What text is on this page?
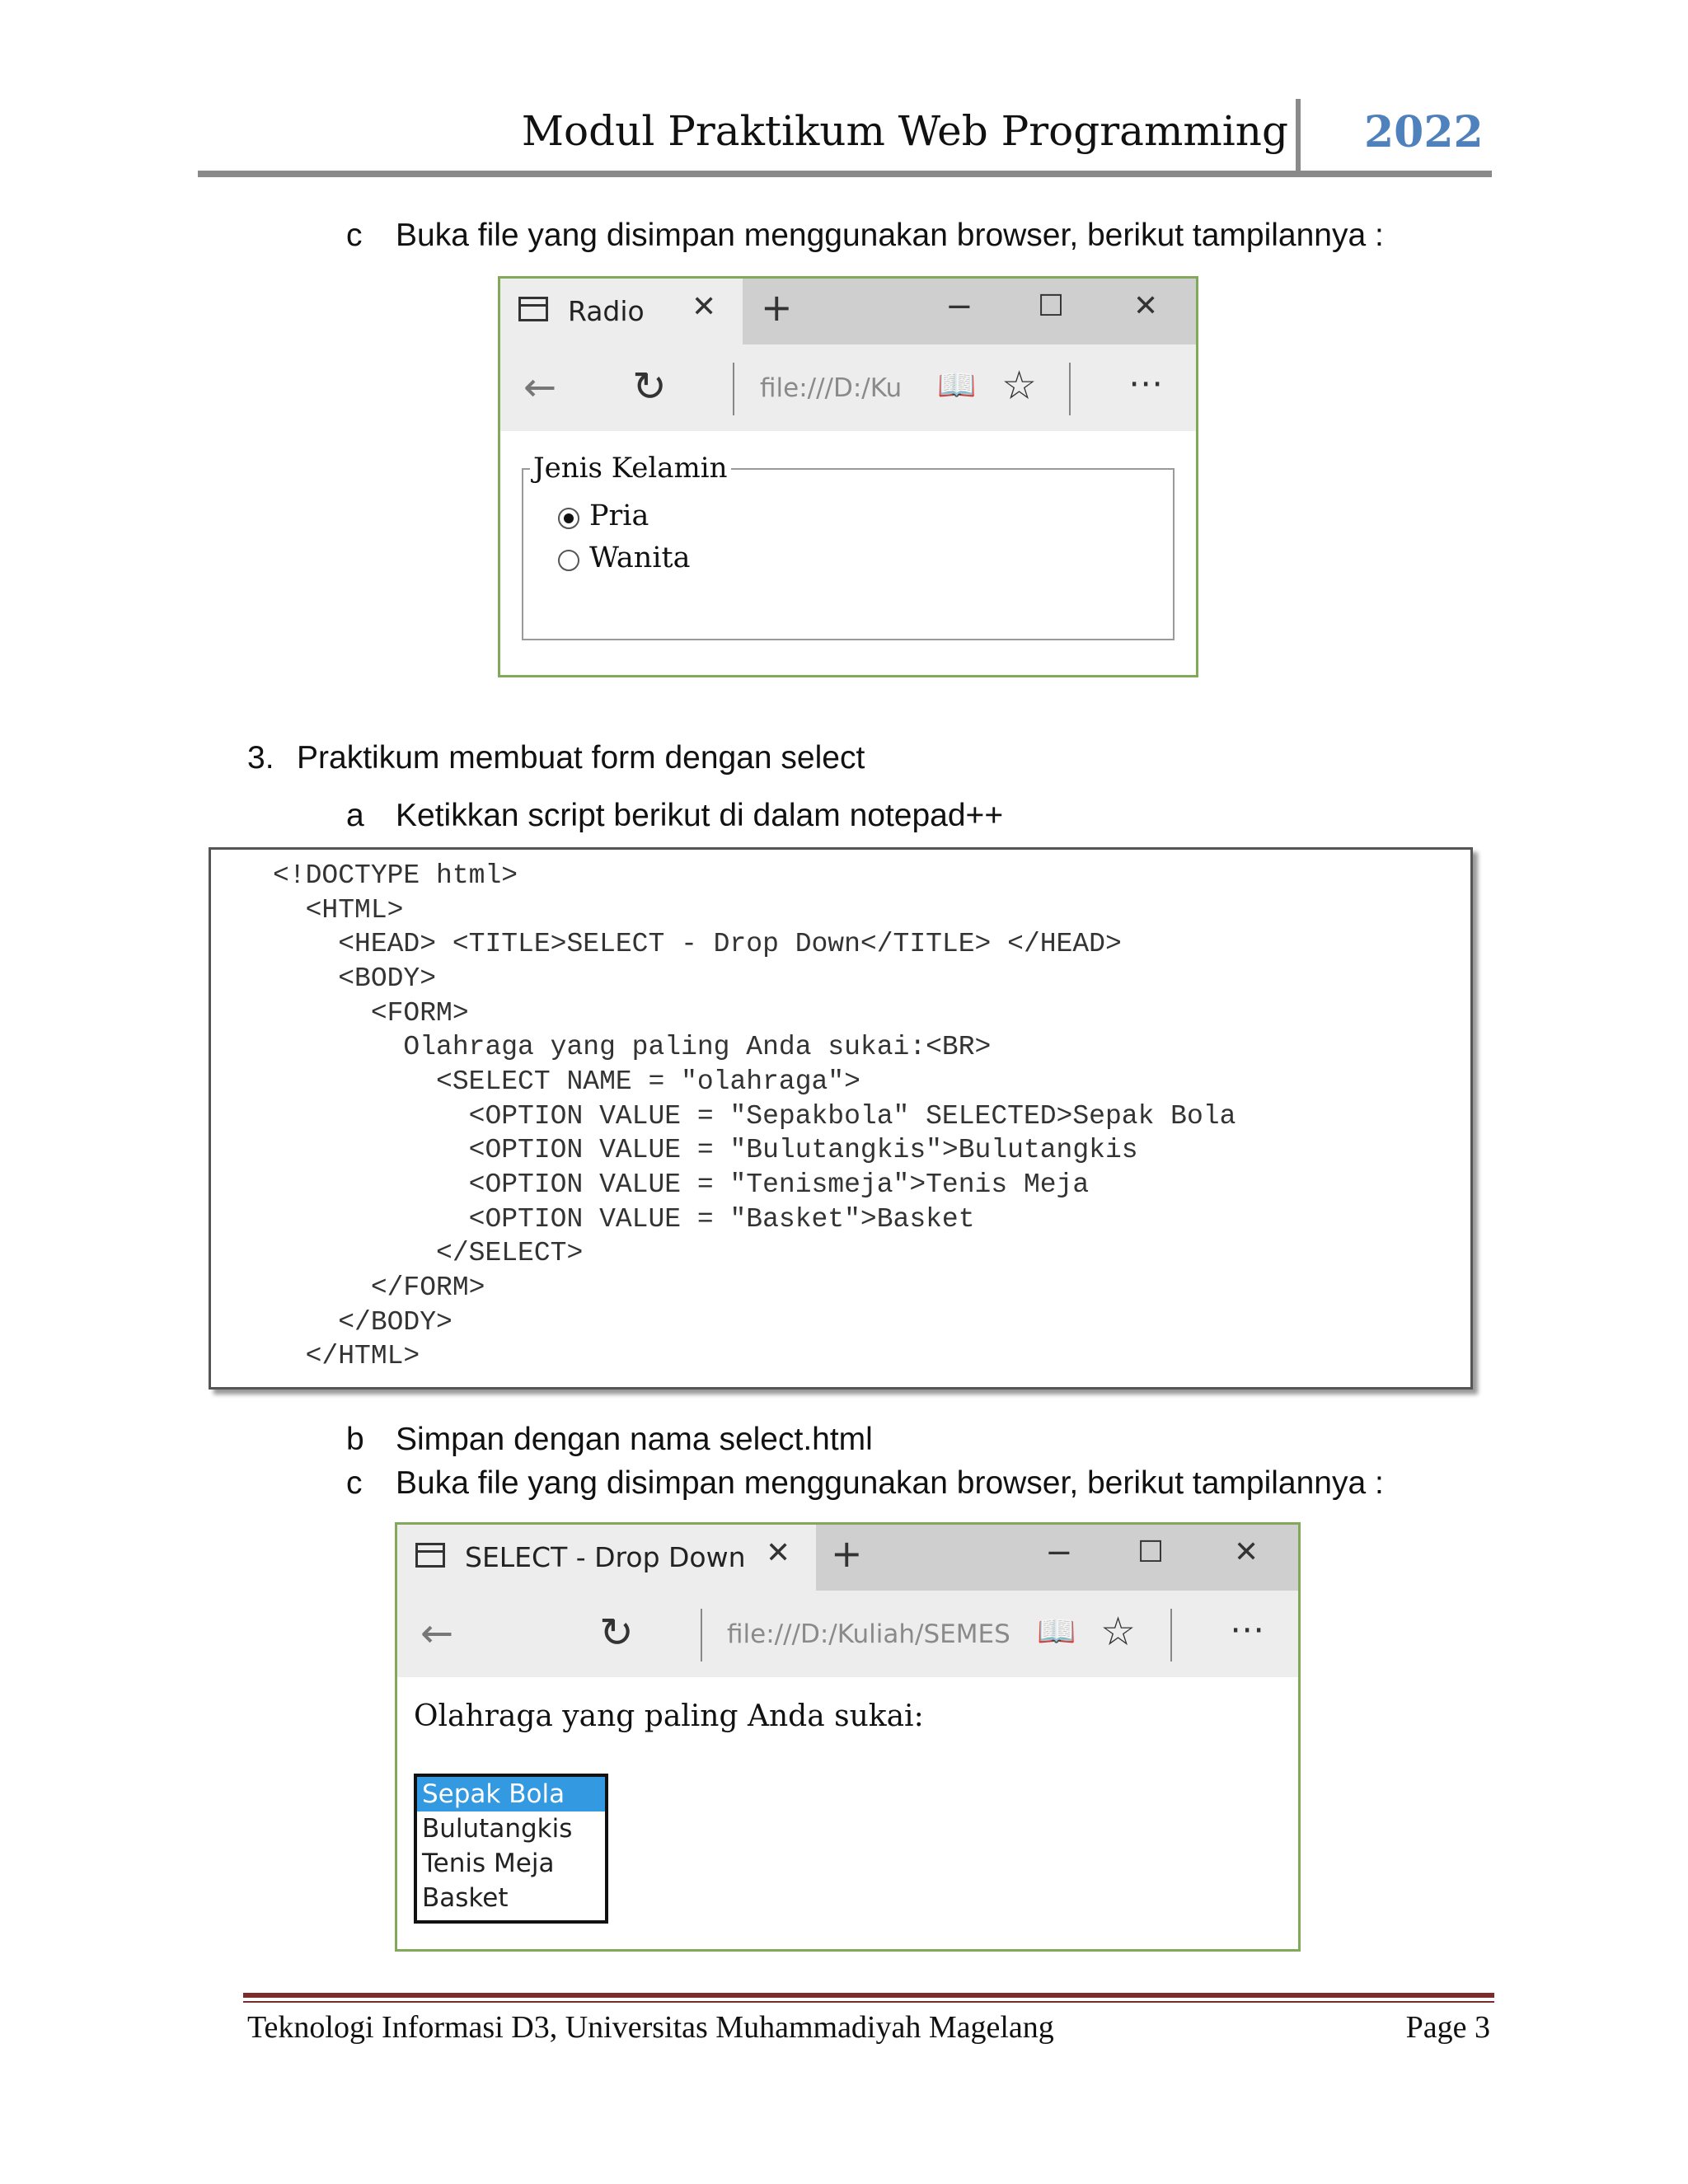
Modul Praktikum Web Programming 2022
c Buka file yang disimpan menggunakan browser, berikut tampilannya :
Radio ✕ +	− ☐ ✕
← ↻	file:///D:/Ku 📖 ☆	⋯
Jenis Kelamin
Pria
Wanita
3. Praktikum membuat form dengan select
a Ketikkan script berikut di dalam notepad++
<!DOCTYPE html>
<HTML>
<HEAD> <TITLE>SELECT - Drop Down</TITLE> </HEAD>
<BODY>
<FORM>
Olahraga yang paling Anda sukai:<BR>
<SELECT NAME = "olahraga">
<OPTION VALUE = "Sepakbola" SELECTED>Sepak Bola
<OPTION VALUE = "Bulutangkis">Bulutangkis
<OPTION VALUE = "Tenismeja">Tenis Meja
<OPTION VALUE = "Basket">Basket
</SELECT>
</FORM>
</BODY>
</HTML>
b Simpan dengan nama select.html
c Buka file yang disimpan menggunakan browser, berikut tampilannya :
SELECT - Drop Down ✕ +	− ☐ ✕
←	↻	file:///D:/Kuliah/SEMES 📖 ☆	⋯
Olahraga yang paling Anda sukai:
Sepak Bola
Bulutangkis
Tenis Meja
Basket
Teknologi Informasi D3, Universitas Muhammadiyah Magelang	Page 3
